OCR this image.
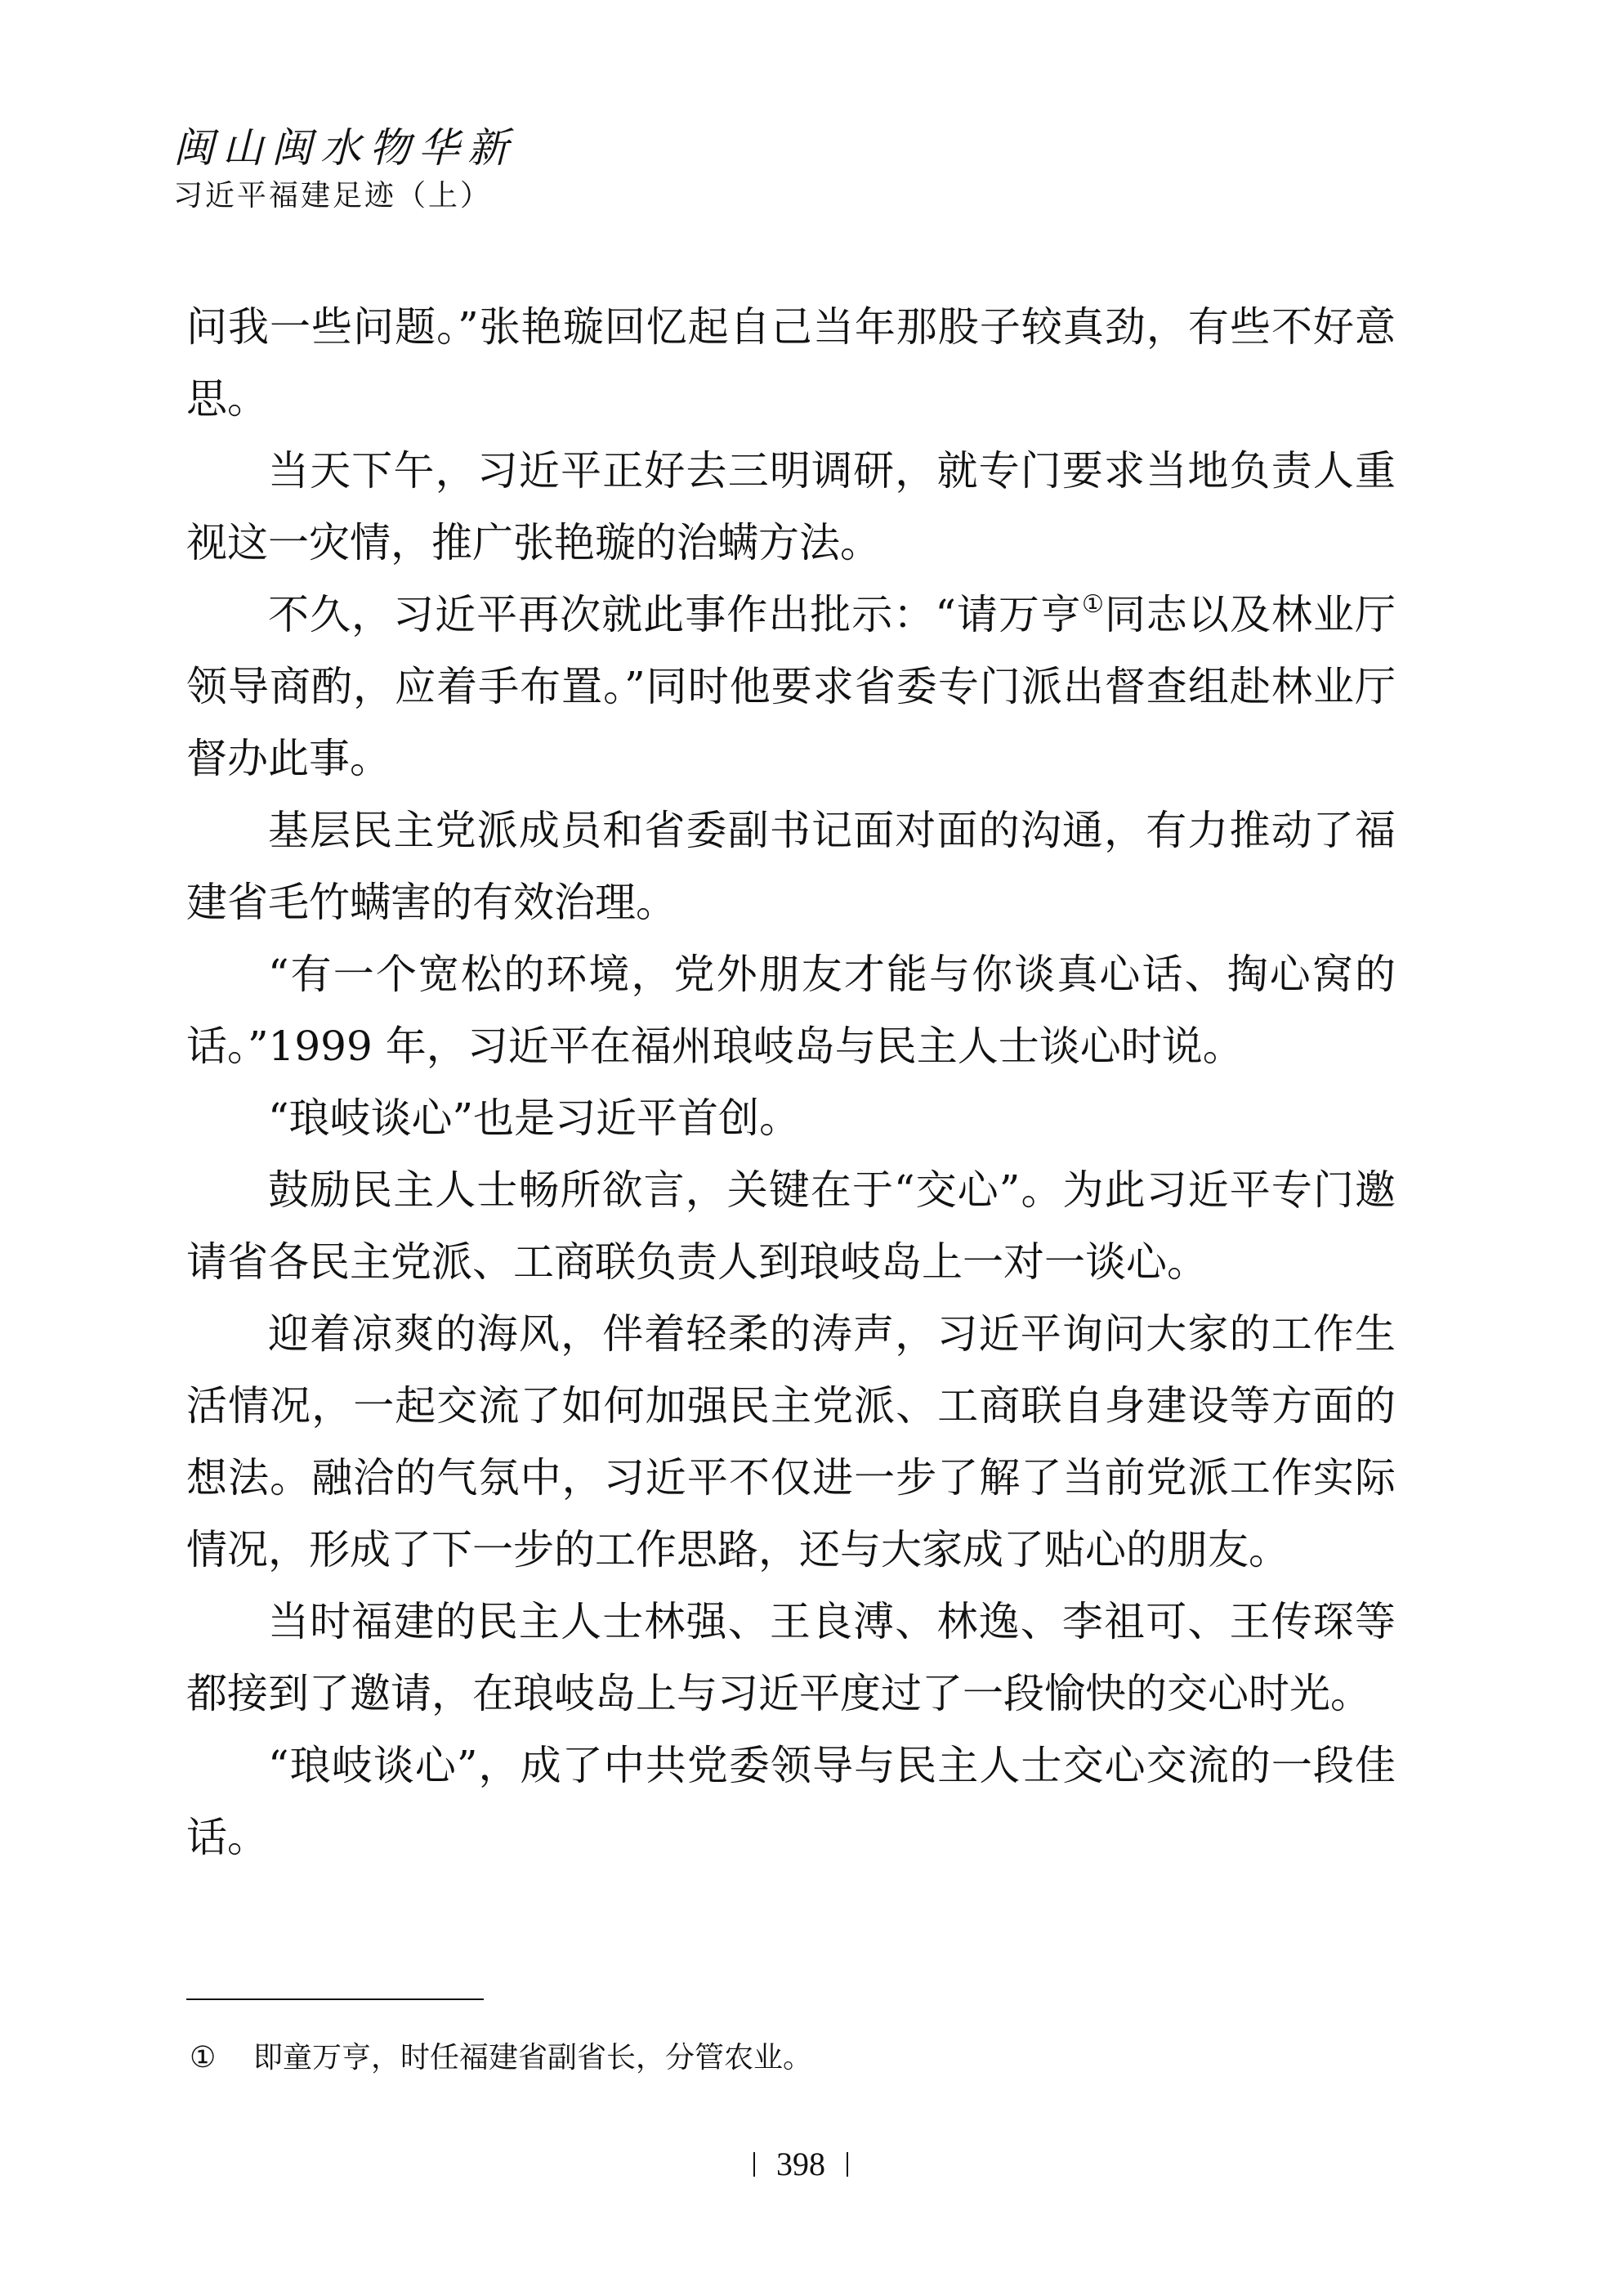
闽山闽水物华新
习近平福建足迹（上）

问我一些问题。”张艳璇回忆起自己当年那股子较真劲，有些不好意思。

当天下午，习近平正好去三明调研，就专门要求当地负责人重视这一灾情，推广张艳璇的治螨方法。

不久，习近平再次就此事作出批示：“请万亨①同志以及林业厅领导商酌，应着手布置。”同时他要求省委专门派出督查组赴林业厅督办此事。

基层民主党派成员和省委副书记面对面的沟通，有力推动了福建省毛竹螨害的有效治理。

“有一个宽松的环境，党外朋友才能与你谈真心话、掏心窝的话。”1999 年，习近平在福州琅岐岛与民主人士谈心时说。

“琅岐谈心”也是习近平首创。

鼓励民主人士畅所欲言，关键在于“交心”。为此习近平专门邀请省各民主党派、工商联负责人到琅岐岛上一对一谈心。

迎着凉爽的海风，伴着轻柔的涛声，习近平询问大家的工作生活情况，一起交流了如何加强民主党派、工商联自身建设等方面的想法。融洽的气氛中，习近平不仅进一步了解了当前党派工作实际情况，形成了下一步的工作思路，还与大家成了贴心的朋友。

当时福建的民主人士林强、王良溥、林逸、李祖可、王传琛等都接到了邀请，在琅岐岛上与习近平度过了一段愉快的交心时光。

“琅岐谈心”，成了中共党委领导与民主人士交心交流的一段佳话。

① 即童万亨，时任福建省副省长，分管农业。
398
